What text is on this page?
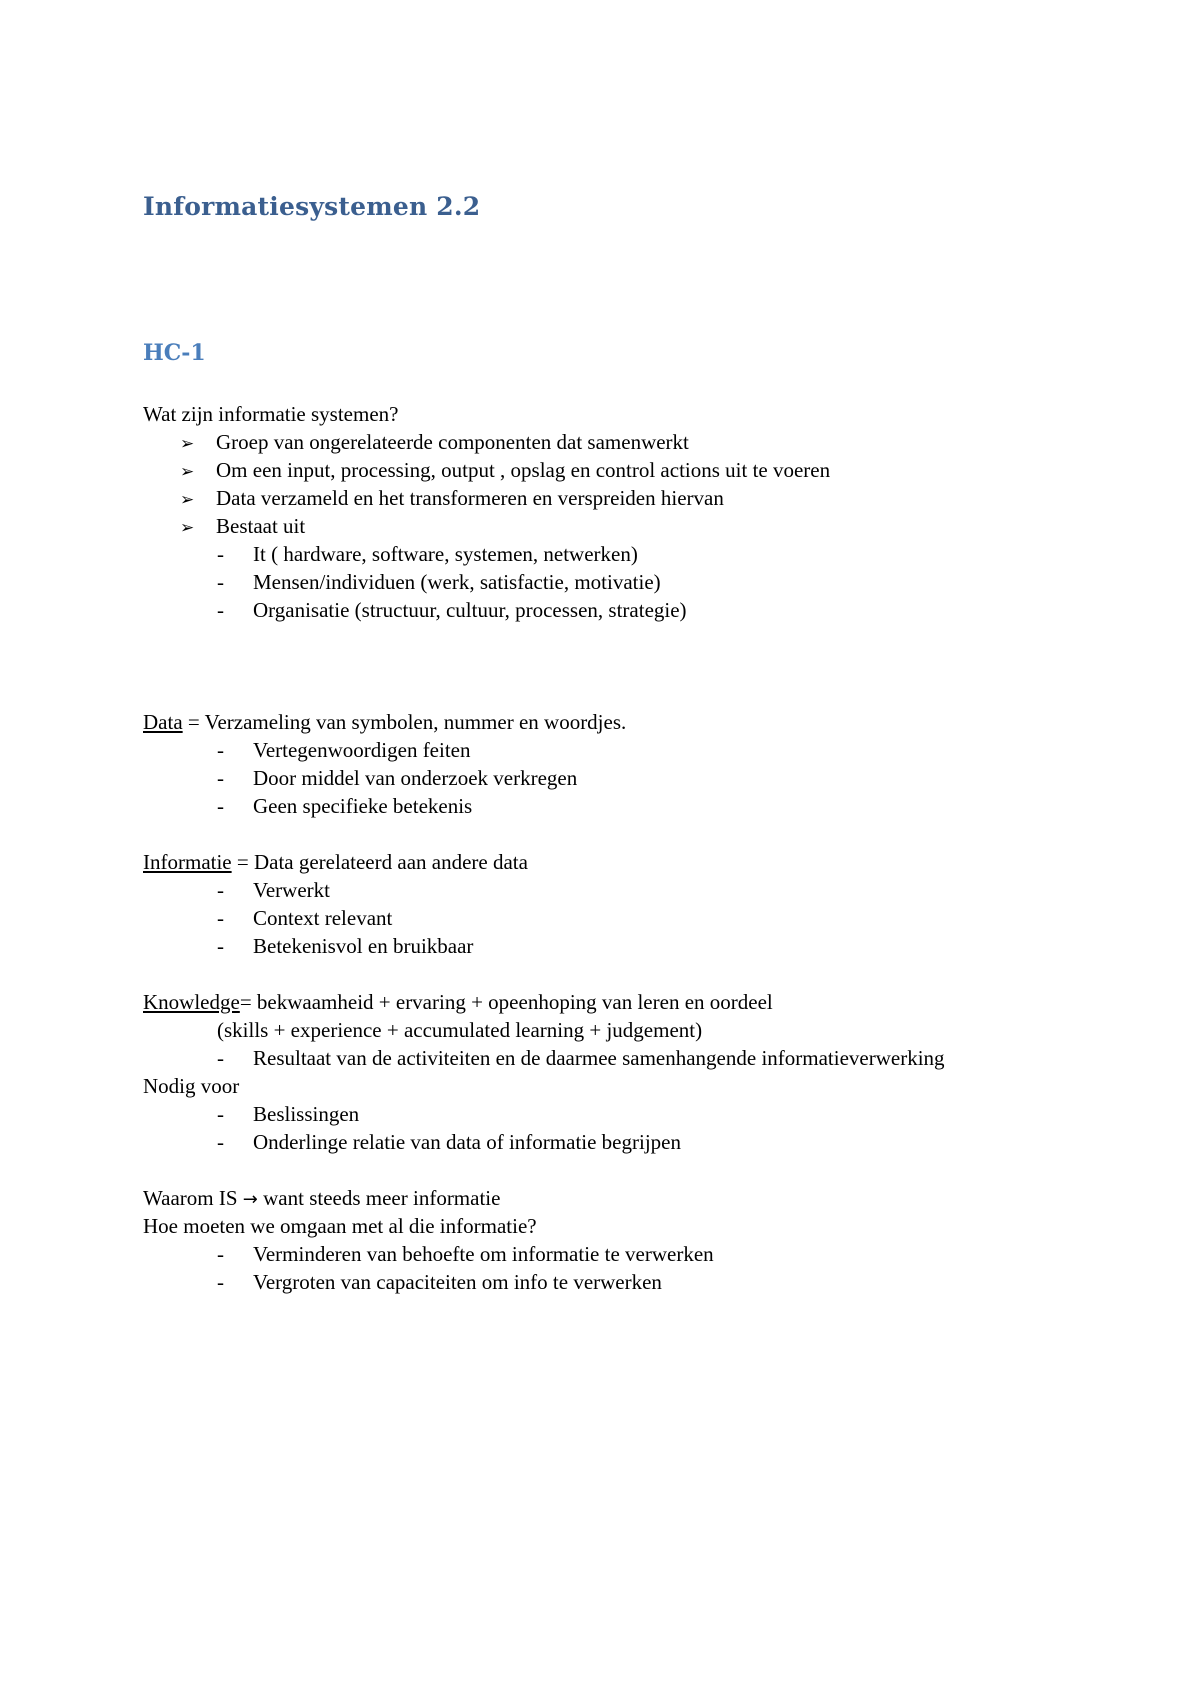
Informatiesystemen 2.2
HC-1

Wat zijn informatie systemen?

➢ Groep van ongerelateerde componenten dat samenwerkt

➢ Om een input, processing, output , opslag en control actions uit te voeren

➢ Data verzameld en het transformeren en verspreiden hiervan

➢ Bestaat uit

- It ( hardware, software, systemen, netwerken)

- Mensen/individuen (werk, satisfactie, motivatie)

- Organisatie (structuur, cultuur, processen, strategie)

Data = Verzameling van symbolen, nummer en woordjes.

- Vertegenwoordigen feiten

- Door middel van onderzoek verkregen

- Geen specifieke betekenis

Informatie = Data gerelateerd aan andere data

- Verwerkt

- Context relevant

- Betekenisvol en bruikbaar

Knowledge= bekwaamheid + ervaring + opeenhoping van leren en oordeel

(skills + experience + accumulated learning + judgement)

- Resultaat van de activiteiten en de daarmee samenhangende informatieverwerking

Nodig voor

- Beslissingen

- Onderlinge relatie van data of informatie begrijpen

Waarom IS → want steeds meer informatie

Hoe moeten we omgaan met al die informatie?

- Verminderen van behoefte om informatie te verwerken

- Vergroten van capaciteiten om info te verwerken
